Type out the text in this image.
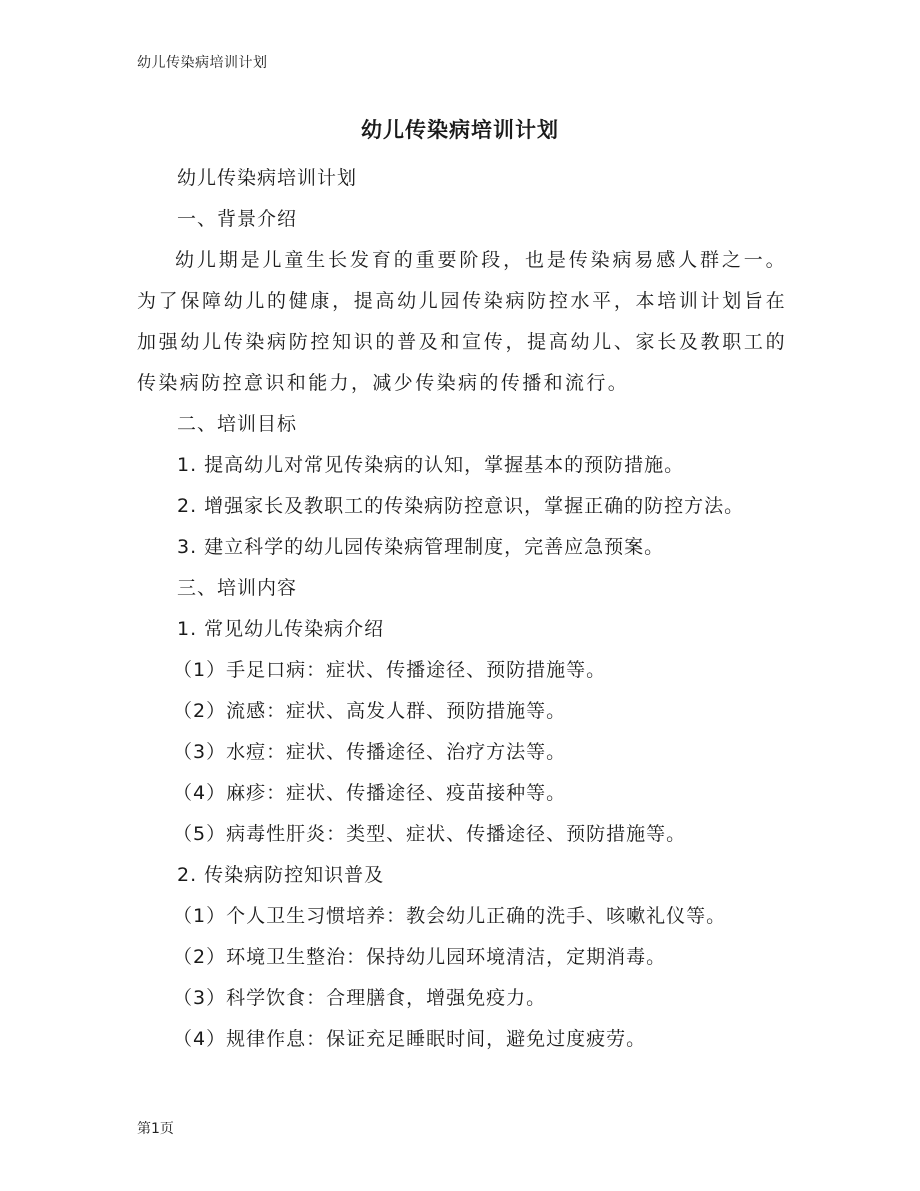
幼儿传染病培训计划
幼儿传染病培训计划
幼儿传染病培训计划
一、背景介绍
幼儿期是儿童生长发育的重要阶段，也是传染病易感人群之一。为了保障幼儿的健康，提高幼儿园传染病防控水平，本培训计划旨在加强幼儿传染病防控知识的普及和宣传，提高幼儿、家长及教职工的传染病防控意识和能力，减少传染病的传播和流行。
二、培训目标
1. 提高幼儿对常见传染病的认知，掌握基本的预防措施。
2. 增强家长及教职工的传染病防控意识，掌握正确的防控方法。
3. 建立科学的幼儿园传染病管理制度，完善应急预案。
三、培训内容
1. 常见幼儿传染病介绍
（1）手足口病：症状、传播途径、预防措施等。
（2）流感：症状、高发人群、预防措施等。
（3）水痘：症状、传播途径、治疗方法等。
（4）麻疹：症状、传播途径、疫苗接种等。
（5）病毒性肝炎：类型、症状、传播途径、预防措施等。
2. 传染病防控知识普及
（1）个人卫生习惯培养：教会幼儿正确的洗手、咳嗽礼仪等。
（2）环境卫生整治：保持幼儿园环境清洁，定期消毒。
（3）科学饮食：合理膳食，增强免疫力。
（4）规律作息：保证充足睡眠时间，避免过度疲劳。
第1页
